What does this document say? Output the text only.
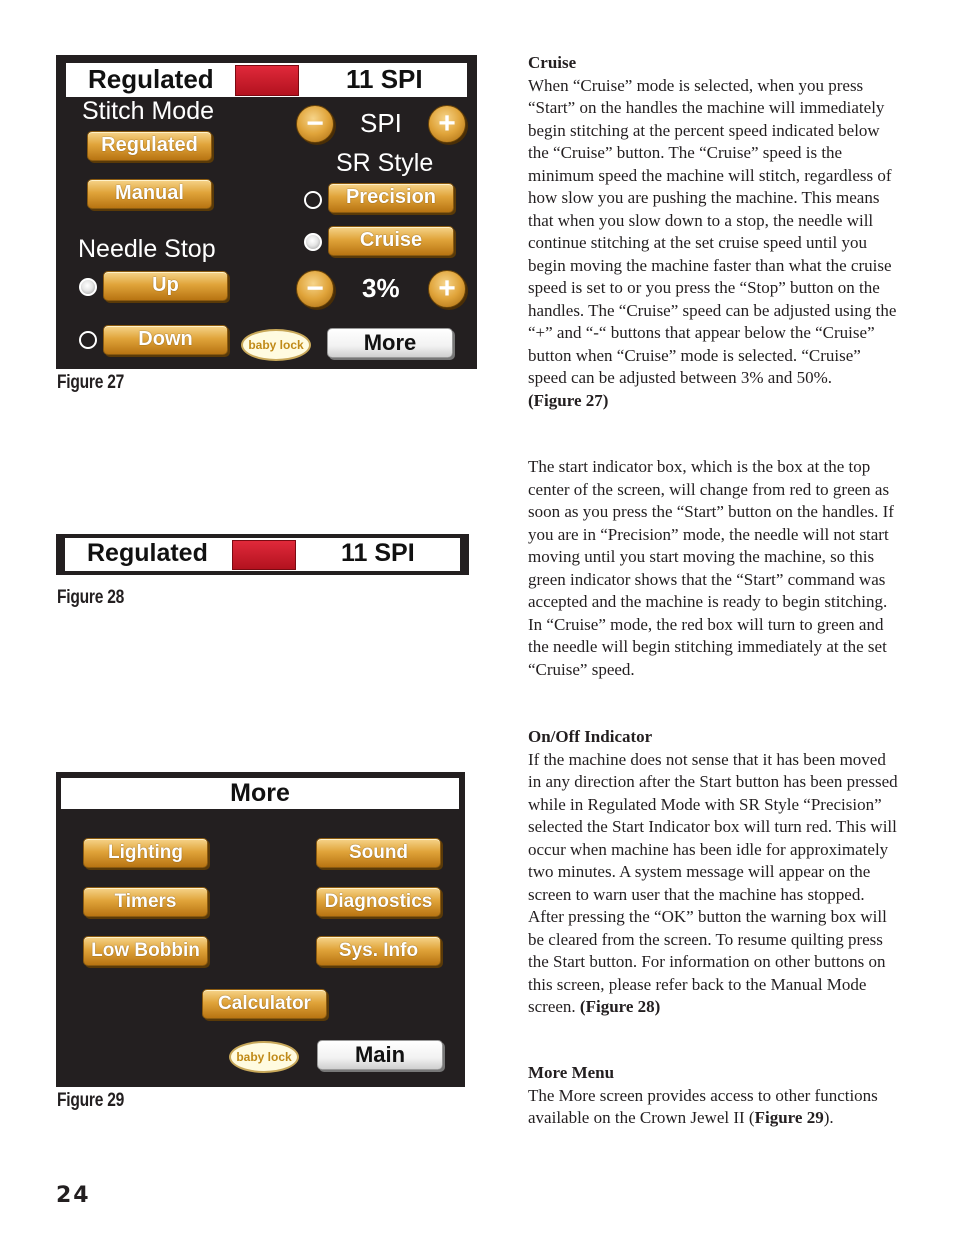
Regulated	11 SPI
Stitch Mode
Regulated
Manual
Needle Stop
Up
Down	baby lock
−	SPI	+
SR Style
Precision
Cruise
−	3%	+
More
Figure 27
Regulated	11 SPI
Figure 28
More
Lighting	Sound
Timers	Diagnostics
Low Bobbin	Sys. Info
Calculator
baby lock	Main
Figure 29

Cruise

When “Cruise” mode is selected, when you press “Start” on the handles the machine will immediately begin stitching at the percent speed indicated below the “Cruise” button. The “Cruise” speed is the minimum speed the machine will stitch, regardless of how slow you are pushing the machine. This means that when you slow down to a stop, the needle will continue stitching at the set cruise speed until you begin moving the machine faster than what the cruise speed is set to or you press the “Stop” button on the handles. The “Cruise” speed can be adjusted using the “+” and “-“ buttons that appear below the “Cruise” button when “Cruise” mode is selected. “Cruise” speed can be adjusted between 3% and 50%.

(Figure 27)

The start indicator box, which is the box at the top center of the screen, will change from red to green as soon as you press the “Start” button on the handles. If you are in “Precision” mode, the needle will not start moving until you start moving the machine, so this green indicator shows that the “Start” command was accepted and the machine is ready to begin stitching. In “Cruise” mode, the red box will turn to green and the needle will begin stitching immediately at the set “Cruise” speed.

On/Off Indicator

If the machine does not sense that it has been moved in any direction after the Start button has been pressed while in Regulated Mode with SR Style “Precision” selected the Start Indicator box will turn red. This will occur when machine has been idle for approximately two minutes. A system message will appear on the screen to warn user that the machine has stopped. After pressing the “OK” button the warning box will be cleared from the screen. To resume quilting press the Start button. For information on other buttons on this screen, please refer back to the Manual Mode screen. (Figure 28)

More Menu

The More screen provides access to other functions available on the Crown Jewel II (Figure 29).

24
